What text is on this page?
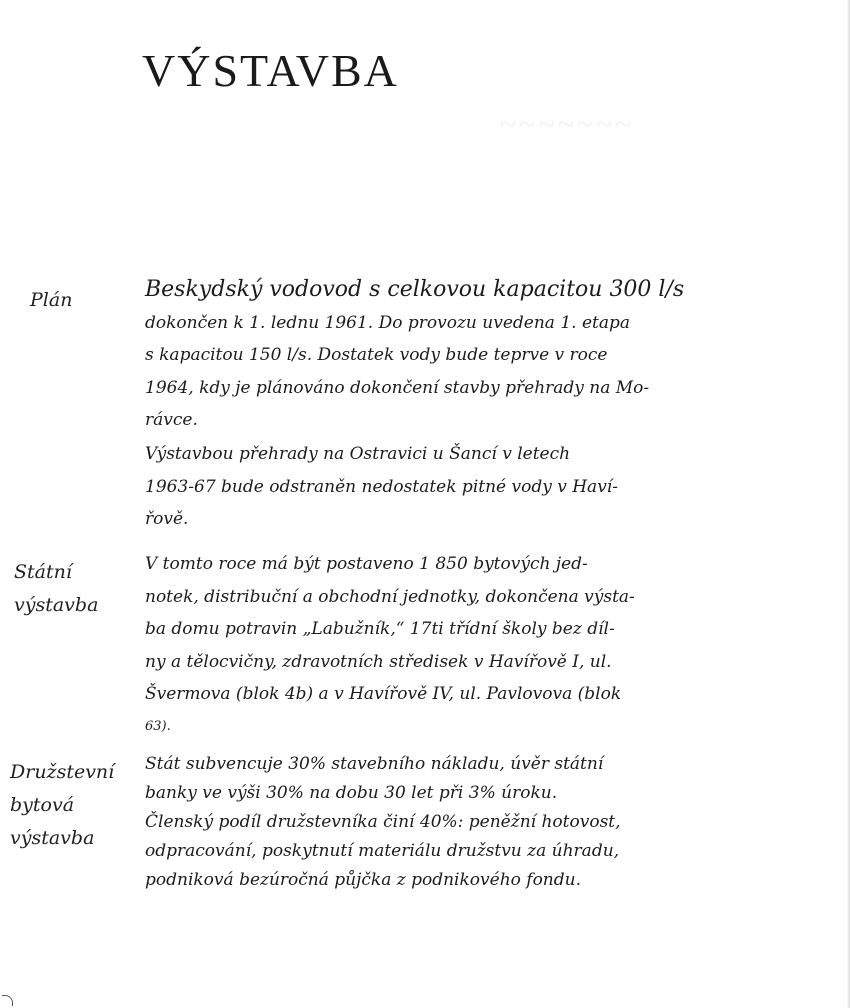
VÝSTAVBA
~~~~~~~
Plán	Beskydský vodovod s celkovou kapacitou 300 l/s
dokončen k 1. lednu 1961. Do provozu uvedena 1. etapa
s kapacitou 150 l/s. Dostatek vody bude teprve v roce
1964, kdy je plánováno dokončení stavby přehrady na Mo-
rávce.
Výstavbou přehrady na Ostravici u Šancí v letech
1963-67 bude odstraněn nedostatek pitné vody v Haví-
řově.
Státní
výstavba
V tomto roce má být postaveno 1 850 bytových jed-
notek, distribuční a obchodní jednotky, dokončena výsta-
ba domu potravin „Labužník,“ 17ti třídní školy bez díl-
ny a tělocvičny, zdravotních středisek v Havířově I, ul.
Švermova (blok 4b) a v Havířově IV, ul. Pavlovova (blok
63).
Družstevní
bytová
výstavba
Stát subvencuje 30% stavebního nákladu, úvěr státní
banky ve výši 30% na dobu 30 let při 3% úroku.
Členský podíl družstevníka činí 40%: peněžní hotovost,
odpracování, poskytnutí materiálu družstvu za úhradu,
podniková bezúročná půjčka z podnikového fondu.
